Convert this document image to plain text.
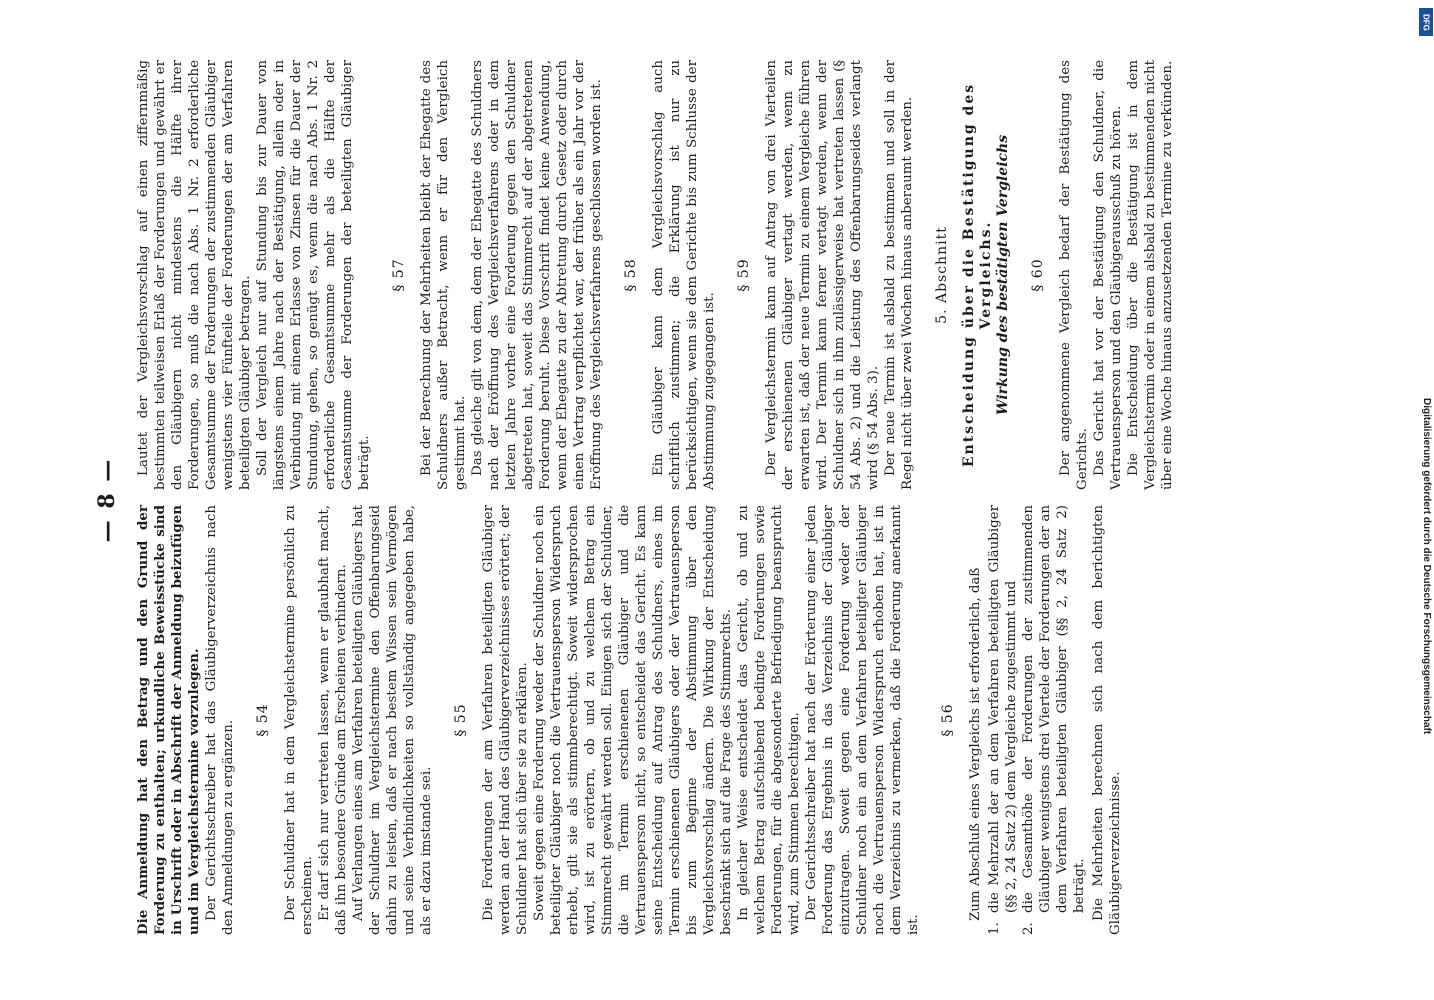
— 8 —

Die Anmeldung hat den Betrag und den Grund der Forderung zu enthalten; urkundliche Beweisstücke sind in Urschrift oder in Abschrift der Anmeldung beizufügen und im Vergleichstermine vorzulegen. Der Gerichtsschreiber hat das Gläubigerverzeichnis nach den Anmeldungen zu ergänzen. § 54 Der Schuldner hat in dem Vergleichstermine persönlich zu erscheinen. Er darf sich nur vertreten lassen, wenn er glaubhaft macht, daß ihn besondere Gründe am Erscheinen verhindern. Auf Verlangen eines am Verfahren beteiligten Gläubigers hat der Schuldner im Vergleichstermine den Offenbarungseid dahin zu leisten, daß er nach bestem Wissen sein Vermögen und seine Verbindlichkeiten so vollständig angegeben habe, als er dazu imstande sei.

§ 55 Die Forderungen der am Verfahren beteiligten Gläubiger werden an der Hand des Gläubigerverzeichnisses erörtert; der Schuldner hat sich über sie zu erklären. Soweit gegen eine Forderung weder der Schuldner noch ein beteiligter Gläubiger noch die Vertrauensperson Widerspruch erhebt, gilt sie als stimmberechtigt. Soweit widersprochen wird, ist zu erörtern, ob und zu welchem Betrag ein Stimmrecht gewährt werden soll. Einigen sich der Schuldner, die im Termin erschienenen Gläubiger und die Vertrauensperson nicht, so entscheidet das Gericht. Es kann seine Entscheidung auf Antrag des Schuldners, eines im Termin erschienenen Gläubigers oder der Vertrauensperson bis zum Beginne der Abstimmung über den Vergleichsvorschlag ändern. Die Wirkung der Entscheidung beschränkt sich auf die Frage des Stimmrechts. In gleicher Weise entscheidet das Gericht, ob und zu welchem Betrag aufschiebend bedingte Forderungen sowie Forderungen, für die abgesonderte Befriedigung beansprucht wird, zum Stimmen berechtigen. Der Gerichtsschreiber hat nach der Erörterung einer jeden Forderung das Ergebnis in das Verzeichnis der Gläubiger einzutragen. Soweit gegen eine Forderung weder der Schuldner noch ein an dem Verfahren beteiligter Gläubiger noch die Vertrauensperson Widerspruch erhoben hat, ist in dem Verzeichnis zu vermerken, daß die Forderung anerkannt ist.

§ 56 Zum Abschluß eines Vergleichs ist erforderlich, daß

1.
die Mehrzahl der an dem Verfahren beteiligten Gläubiger (§§ 2, 24 Satz 2) dem Vergleiche zugestimmt und
2.
die Gesamthöhe der Forderungen der zustimmenden Gläubiger wenigstens drei Viertele der Forderungen der an dem Verfahren beteiligten Gläubiger (§§ 2, 24 Satz 2) beträgt. Die Mehrheiten berechnen sich nach dem berichtigten Gläubigerverzeichnisse.

Lautet der Vergleichsvorschlag auf einen ziffernmäßig bestimmten teilweisen Erlaß der Forderungen und gewährt er den Gläubigern nicht mindestens die Hälfte ihrer Forderungen, so muß die nach Abs. 1 Nr. 2 erforderliche Gesamtsumme der Forderungen der zustimmenden Gläubiger wenigstens vier Fünfteile der Forderungen der am Verfahren beteiligten Gläubiger betragen. Soll der Vergleich nur auf Stundung bis zur Dauer von längstens einem Jahre nach der Bestätigung, allein oder in Verbindung mit einem Erlasse von Zinsen für die Dauer der Stundung, gehen, so genügt es, wenn die nach Abs. 1 Nr. 2 erforderliche Gesamtsumme mehr als die Hälfte der Gesamtsumme der Forderungen der beteiligten Gläubiger beträgt.

§ 57 Bei der Berechnung der Mehrheiten bleibt der Ehegatte des Schuldners außer Betracht, wenn er für den Vergleich gestimmt hat. Das gleiche gilt von dem, dem der Ehegatte des Schuldners nach der Eröffnung des Vergleichsverfahrens oder in dem letzten Jahre vorher eine Forderung gegen den Schuldner abgetreten hat, soweit das Stimmrecht auf der abgetretenen Forderung beruht. Diese Vorschrift findet keine Anwendung, wenn der Ehegatte zu der Abtretung durch Gesetz oder durch einen Vertrag verpflichtet war, der früher als ein Jahr vor der Eröffnung des Vergleichsverfahrens geschlossen worden ist. § 58 Ein Gläubiger kann dem Vergleichsvorschlag auch schriftlich zustimmen; die Erklärung ist nur zu berücksichtigen, wenn sie dem Gerichte bis zum Schlusse der Abstimmung zugegangen ist.

§ 59 Der Vergleichstermin kann auf Antrag von drei Vierteilen der erschienenen Gläubiger vertagt werden, wenn zu erwarten ist, daß der neue Termin zu einem Vergleiche führen wird. Der Termin kann ferner vertagt werden, wenn der Schuldner sich in ihm zulässigerweise hat vertreten lassen (§ 54 Abs. 2) und die Leistung des Offenbarungseides verlangt wird (§ 54 Abs. 3). Der neue Termin ist alsbald zu bestimmen und soll in der Regel nicht über zwei Wochen hinaus anberaumt werden. 5. Abschnitt Entscheidung über die Bestätigung des Vergleichs. Wirkung des bestätigten Vergleichs § 60 Der angenommene Vergleich bedarf der Bestätigung des Gerichts. Das Gericht hat vor der Bestätigung den Schuldner, die Vertrauensperson und den Gläubigerausschuß zu hören. Die Entscheidung über die Bestätigung ist in dem Vergleichstermin oder in einem alsbald zu bestimmenden nicht über eine Woche hinaus anzusetzenden Termine zu verkünden.

DFG
Digitalisierung gefördert durch die Deutsche Forschungsgemeinschaft
